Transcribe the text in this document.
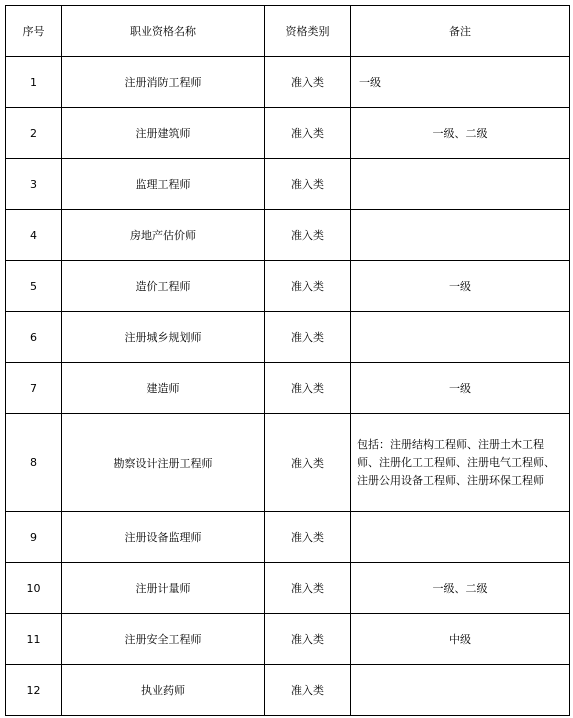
序号	职业资格名称	资格类别	备注
1	注册消防工程师	准入类	一级
2	注册建筑师	准入类	一级、二级
3	监理工程师	准入类	
4	房地产估价师	准入类	
5	造价工程师	准入类	一级
6	注册城乡规划师	准入类	
7	建造师	准入类	一级
8	勘察设计注册工程师	准入类	包括：注册结构工程师、注册土木工程师、注册化工工程师、注册电气工程师、注册公用设备工程师、注册环保工程师
9	注册设备监理师	准入类	
10	注册计量师	准入类	一级、二级
11	注册安全工程师	准入类	中级
12	执业药师	准入类	
